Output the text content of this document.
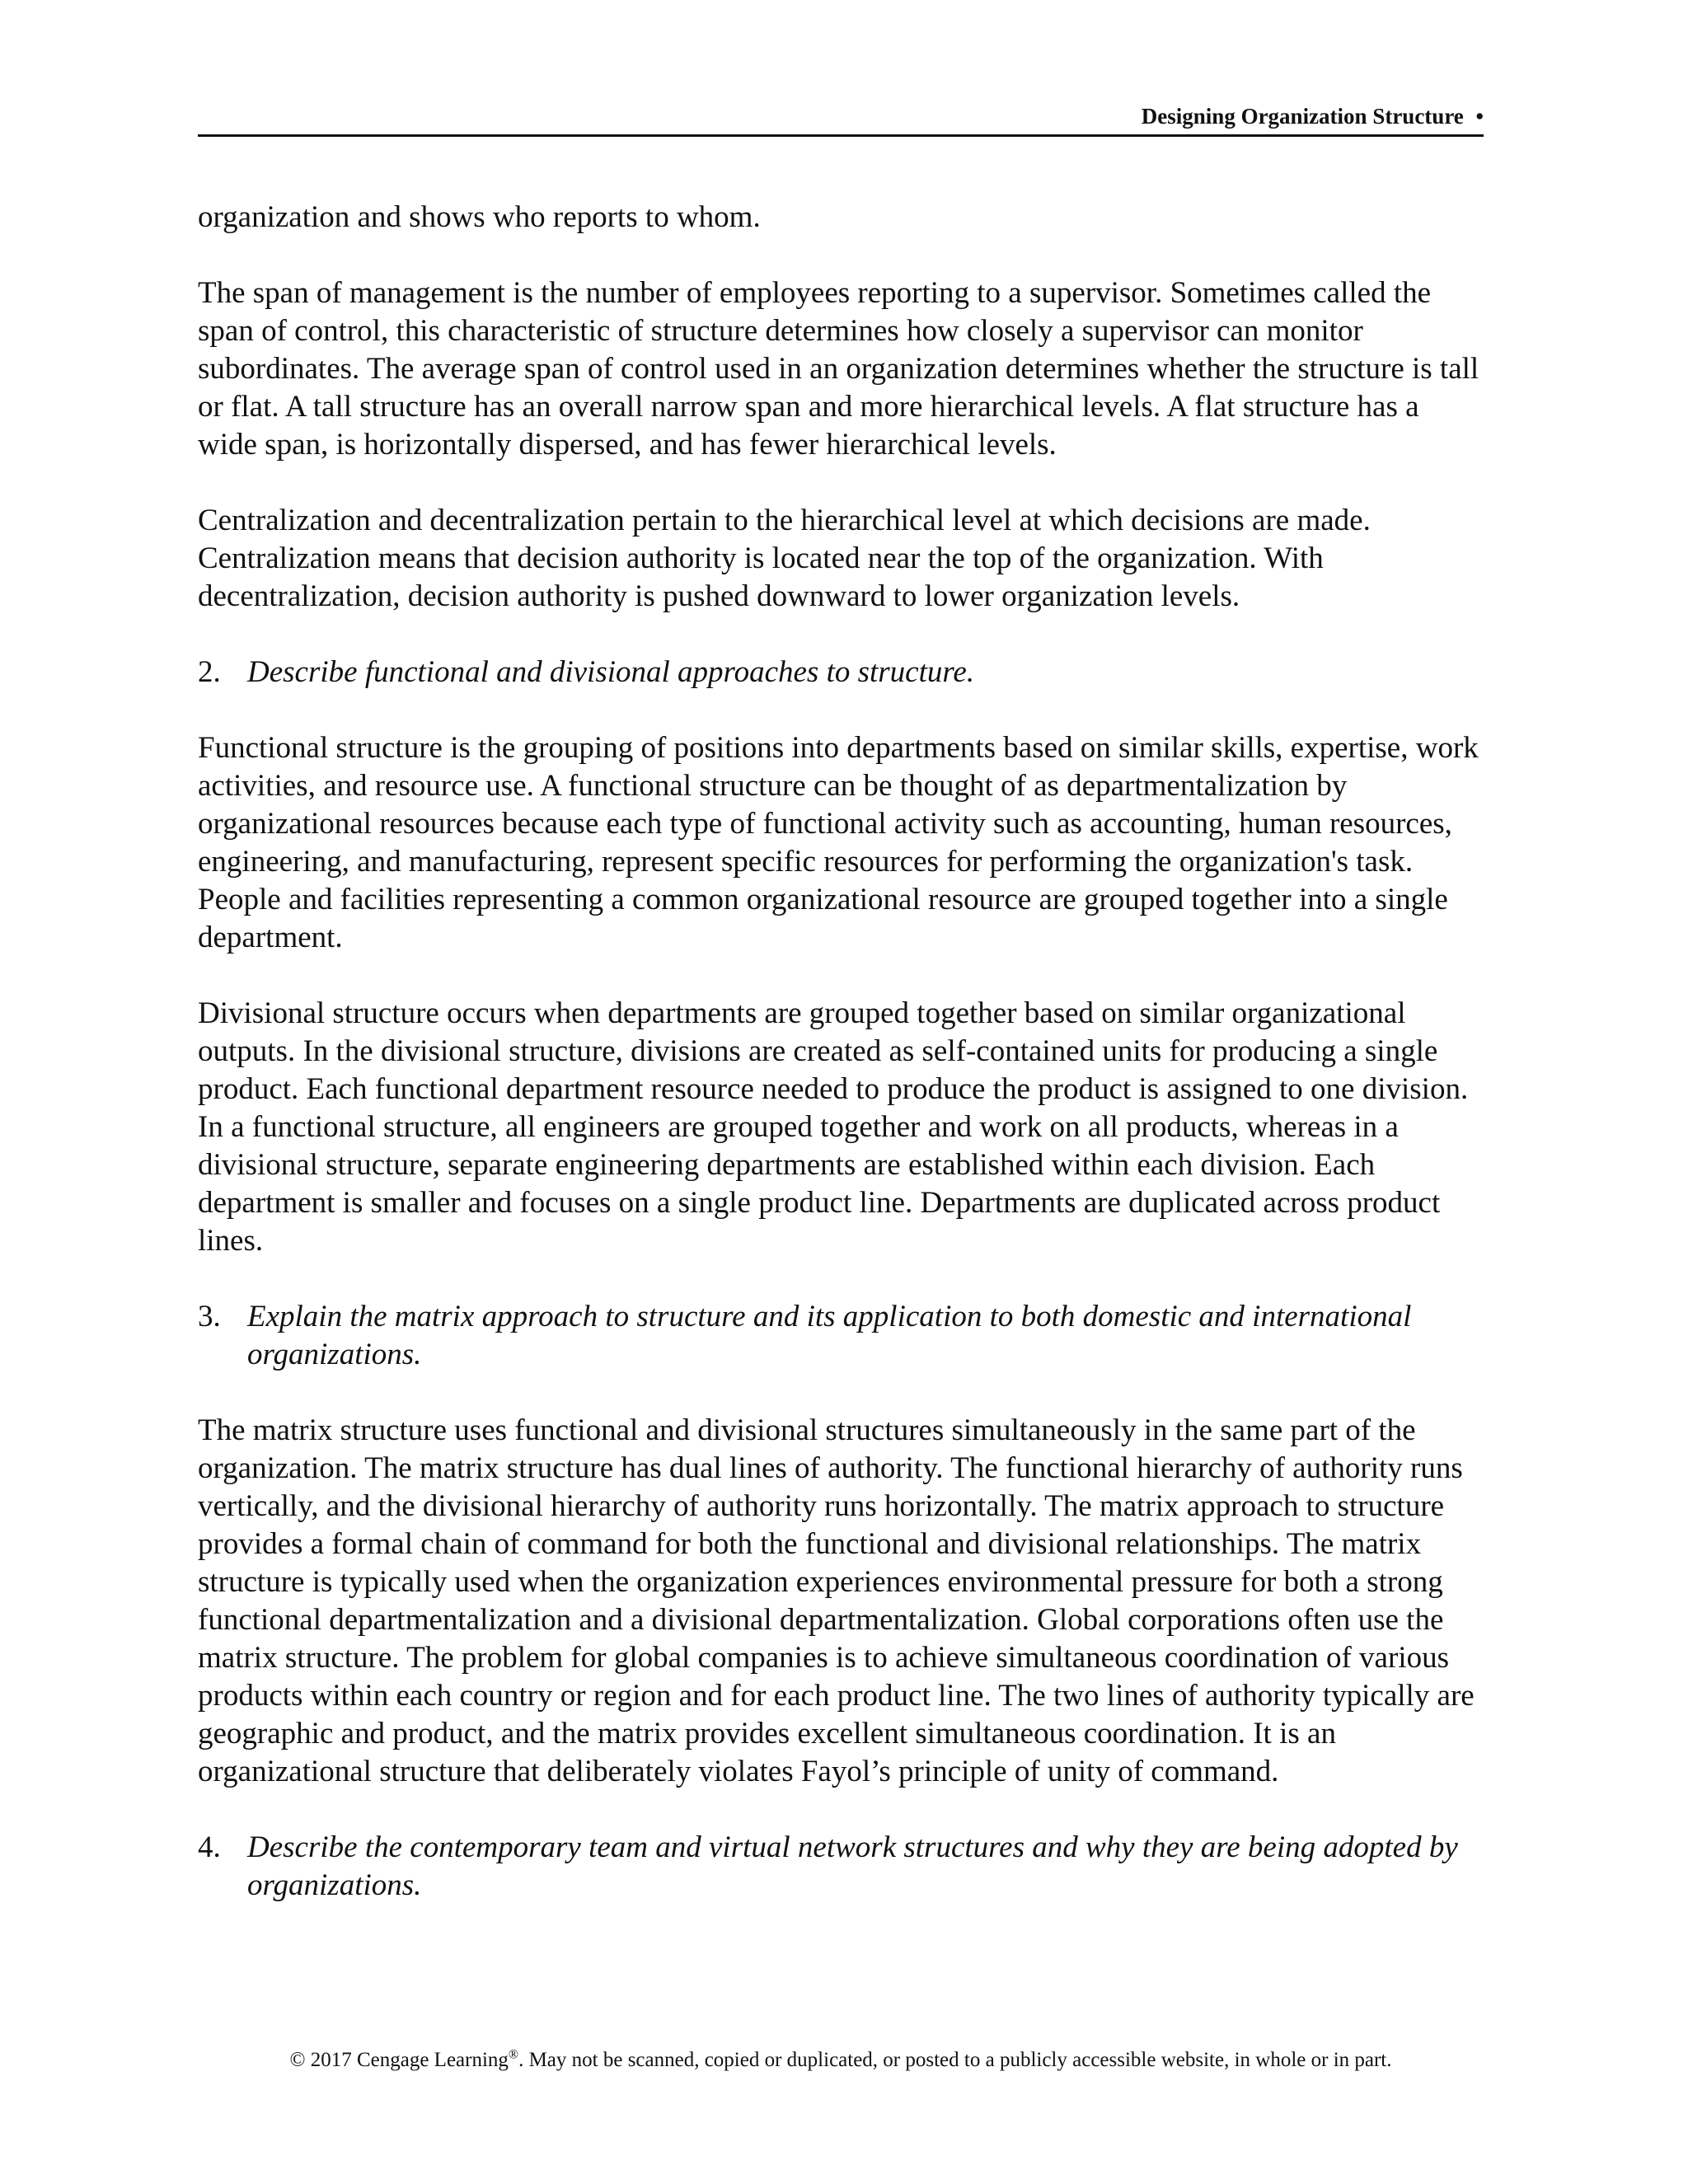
Designing Organization Structure •

organization and shows who reports to whom.

The span of management is the number of employees reporting to a supervisor. Sometimes called the span of control, this characteristic of structure determines how closely a supervisor can monitor subordinates. The average span of control used in an organization determines whether the structure is tall or flat. A tall structure has an overall narrow span and more hierarchical levels. A flat structure has a wide span, is horizontally dispersed, and has fewer hierarchical levels.

Centralization and decentralization pertain to the hierarchical level at which decisions are made. Centralization means that decision authority is located near the top of the organization. With decentralization, decision authority is pushed downward to lower organization levels.

2. Describe functional and divisional approaches to structure.

Functional structure is the grouping of positions into departments based on similar skills, expertise, work activities, and resource use. A functional structure can be thought of as departmentalization by organizational resources because each type of functional activity such as accounting, human resources, engineering, and manufacturing, represent specific resources for performing the organization's task. People and facilities representing a common organizational resource are grouped together into a single department.

Divisional structure occurs when departments are grouped together based on similar organizational outputs. In the divisional structure, divisions are created as self-contained units for producing a single product. Each functional department resource needed to produce the product is assigned to one division. In a functional structure, all engineers are grouped together and work on all products, whereas in a divisional structure, separate engineering departments are established within each division. Each department is smaller and focuses on a single product line. Departments are duplicated across product lines.

3. Explain the matrix approach to structure and its application to both domestic and international organizations.

The matrix structure uses functional and divisional structures simultaneously in the same part of the organization. The matrix structure has dual lines of authority. The functional hierarchy of authority runs vertically, and the divisional hierarchy of authority runs horizontally. The matrix approach to structure provides a formal chain of command for both the functional and divisional relationships. The matrix structure is typically used when the organization experiences environmental pressure for both a strong functional departmentalization and a divisional departmentalization. Global corporations often use the matrix structure. The problem for global companies is to achieve simultaneous coordination of various products within each country or region and for each product line. The two lines of authority typically are geographic and product, and the matrix provides excellent simultaneous coordination. It is an organizational structure that deliberately violates Fayol’s principle of unity of command.

4. Describe the contemporary team and virtual network structures and why they are being adopted by organizations.
© 2017 Cengage Learning®. May not be scanned, copied or duplicated, or posted to a publicly accessible website, in whole or in part.
